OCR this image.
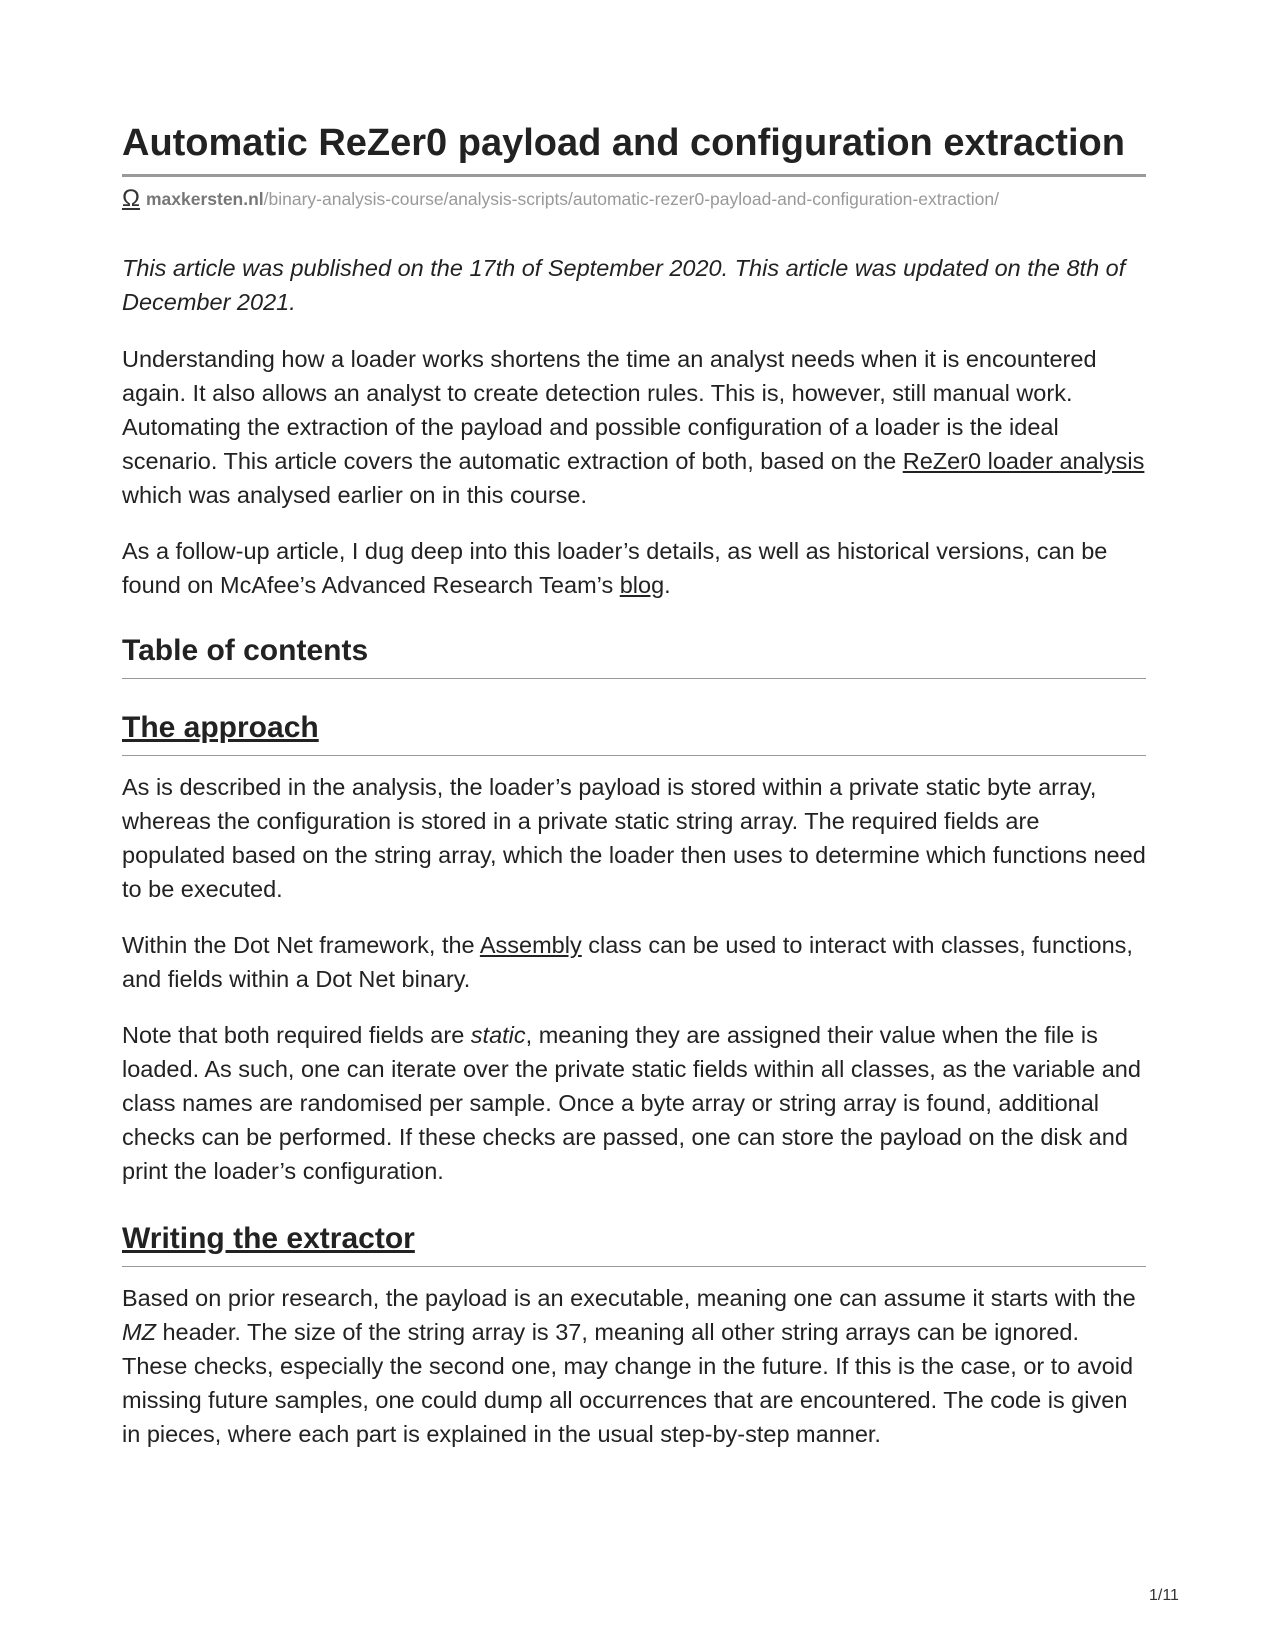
Automatic ReZer0 payload and configuration extraction
Ω maxkersten.nl /binary-analysis-course/analysis-scripts/automatic-rezer0-payload-and-configuration-extraction/

This article was published on the 17th of September 2020. This article was updated on the 8th of December 2021.

Understanding how a loader works shortens the time an analyst needs when it is encountered again. It also allows an analyst to create detection rules. This is, however, still manual work. Automating the extraction of the payload and possible configuration of a loader is the ideal scenario. This article covers the automatic extraction of both, based on the ReZer0 loader analysis which was analysed earlier on in this course.

As a follow-up article, I dug deep into this loader’s details, as well as historical versions, can be found on McAfee’s Advanced Research Team’s blog.

Table of contents
The approach

As is described in the analysis, the loader’s payload is stored within a private static byte array, whereas the configuration is stored in a private static string array. The required fields are populated based on the string array, which the loader then uses to determine which functions need to be executed.

Within the Dot Net framework, the Assembly class can be used to interact with classes, functions, and fields within a Dot Net binary.

Note that both required fields are static, meaning they are assigned their value when the file is loaded. As such, one can iterate over the private static fields within all classes, as the variable and class names are randomised per sample. Once a byte array or string array is found, additional checks can be performed. If these checks are passed, one can store the payload on the disk and print the loader’s configuration.

Writing the extractor

Based on prior research, the payload is an executable, meaning one can assume it starts with the MZ header. The size of the string array is 37, meaning all other string arrays can be ignored. These checks, especially the second one, may change in the future. If this is the case, or to avoid missing future samples, one could dump all occurrences that are encountered. The code is given in pieces, where each part is explained in the usual step-by-step manner.

1/11
